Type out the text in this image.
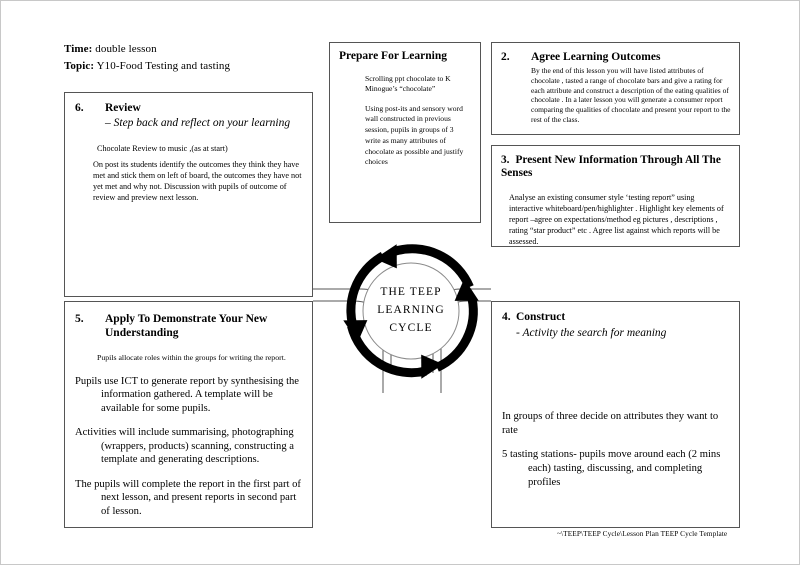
Time: double lesson
Topic: Y10-Food Testing and tasting
6.	Review
– Step back and reflect on your learning
Chocolate Review to music ,(as at start)
On post its students identify the outcomes they think they have met and stick them on left of board, the outcomes they have not yet met and why not. Discussion with pupils of outcome of review and preview next lesson.
Prepare For Learning
Scrolling ppt chocolate to K Minogue’s “chocolate”
Using post-its and sensory word wall constructed in previous session, pupils in groups of 3 write as many attributes of chocolate as possible and justify choices
2.	Agree Learning Outcomes
By the end of this lesson you will have listed attributes of chocolate , tasted a range of chocolate bars and give a rating for each attribute and construct a description of the eating qualities of chocolate . In a later lesson you will generate a consumer report comparing the qualities of chocolate and present your report to the rest of the class.
3. Present New Information Through All The Senses
Analyse an existing consumer style ‘testing report” using interactive whiteboard/pen/highlighter . Highlight key elements of report –agree on expectations/method eg pictures , descriptions , rating “star product” etc . Agree list against which reports will be assessed.
5.	Apply To Demonstrate Your New Understanding
Pupils allocate roles within the groups for writing the report.
Pupils use ICT to generate report by synthesising the information gathered. A template will be available for some pupils.
Activities will include summarising, photographing (wrappers, products) scanning, constructing a template and generating descriptions.
The pupils will complete the report in the first part of next lesson, and present reports in second part of lesson.
4. Construct
- Activity the search for meaning
In groups of three decide on attributes they want to rate
5 tasting stations- pupils move around each (2 mins each) tasting, discussing, and completing profiles
THE TEEP
LEARNING
CYCLE
~\TEEP\TEEP Cycle\Lesson Plan TEEP Cycle Template
